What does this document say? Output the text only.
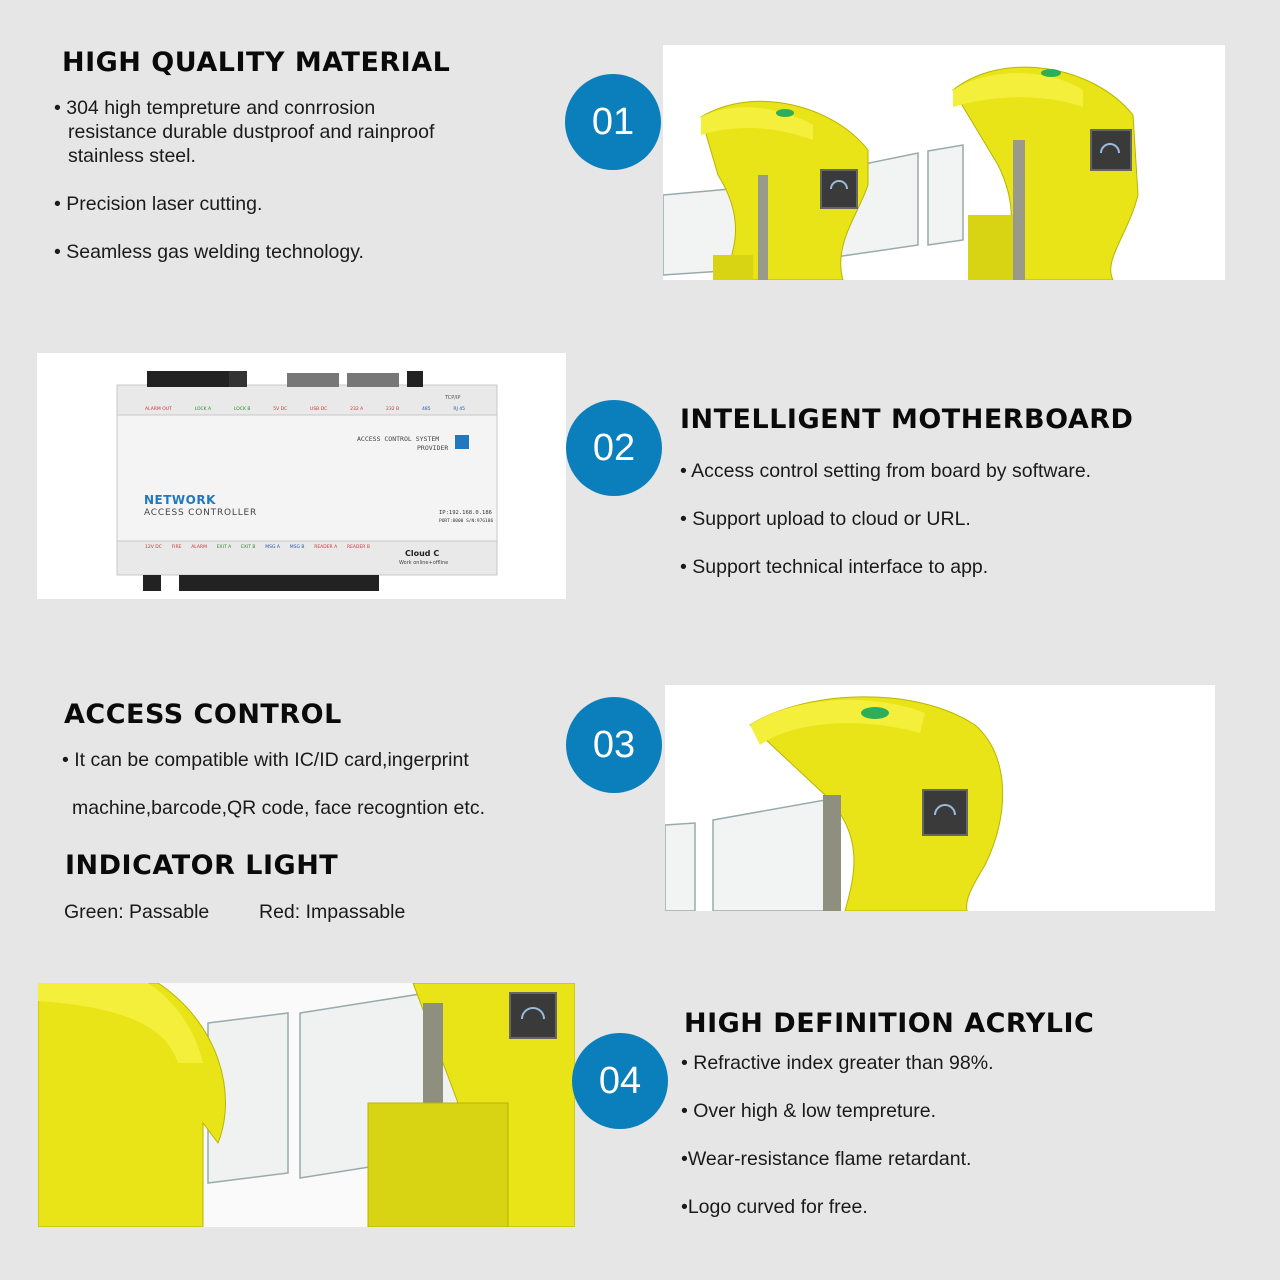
HIGH QUALITY MATERIAL
• 304 high tempreture and conrrosion
resistance durable dustproof and rainproof
stainless steel.
• Precision laser cutting.
• Seamless gas welding technology.
01
ACCESS CONTROL SYSTEM
PROVIDER
NETWORK
ACCESS CONTROLLER	IP:192.168.0.186
PORT:8000 S/N:97G186
TCP/IP
ALARM OUT	LOCK A	LOCK B	5V DC	USB DC	232 A	232 B	485	RJ 45
12V DC FIRE ALARM EXIT A EXIT B MSG A MSG B READER A READER B
Cloud C
Work online+offline
02
INTELLIGENT MOTHERBOARD
• Access control setting from board by software.
• Support upload to cloud or URL.
• Support technical interface to app.
ACCESS CONTROL
• It can be compatible with IC/ID card,ingerprint
machine,barcode,QR code, face recogntion etc.
INDICATOR LIGHT
Green: Passable	Red: Impassable
03
04
HIGH DEFINITION ACRYLIC
• Refractive index greater than 98%.
• Over high & low tempreture.
•Wear-resistance flame retardant.
•Logo curved for free.
